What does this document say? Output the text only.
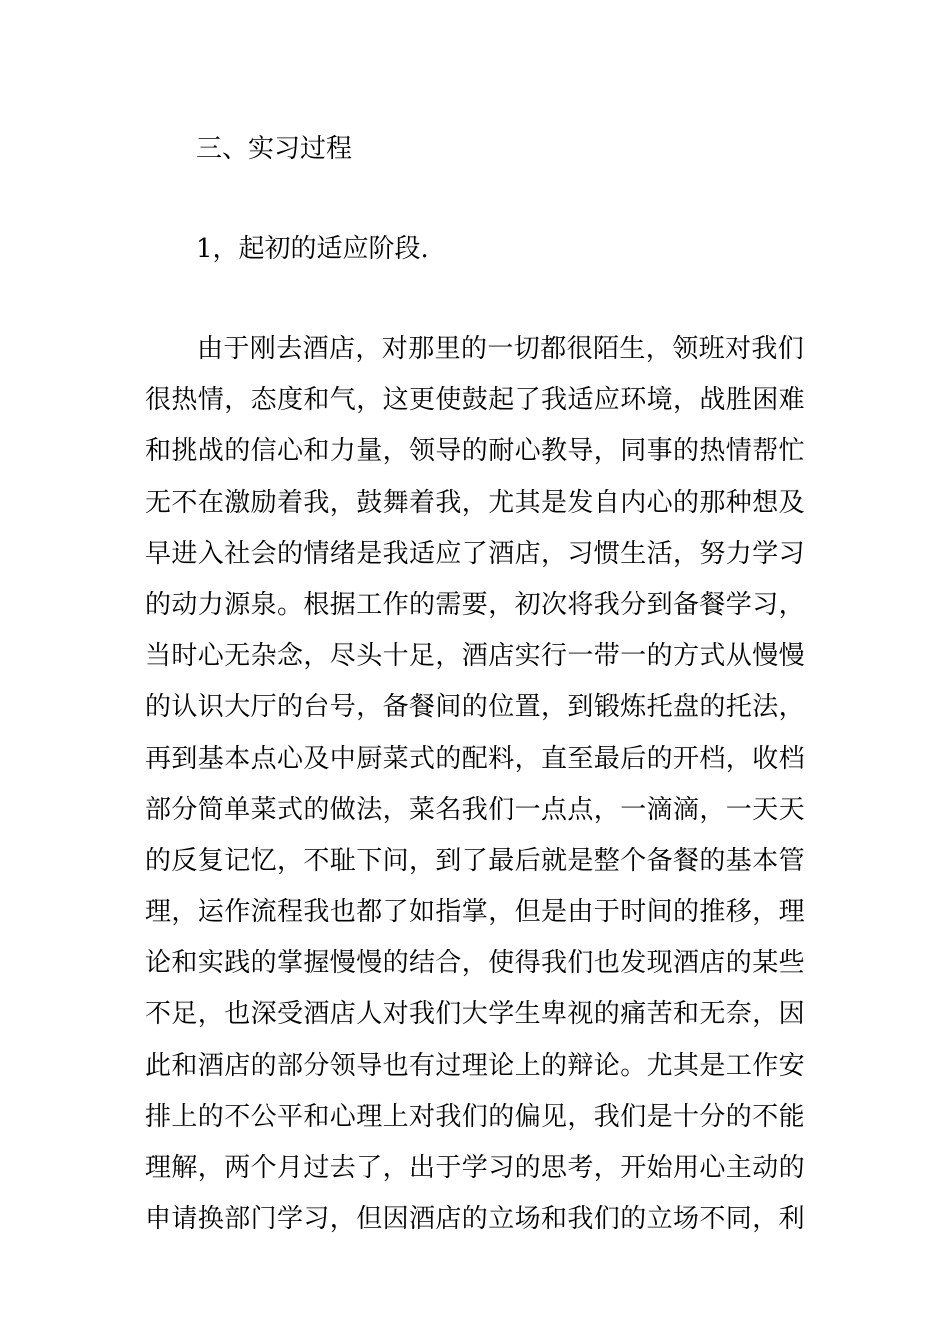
三、实习过程
1，起初的适应阶段.
由于刚去酒店，对那里的一切都很陌生，领班对我们
很热情，态度和气，这更使鼓起了我适应环境，战胜困难
和挑战的信心和力量，领导的耐心教导，同事的热情帮忙
无不在激励着我，鼓舞着我，尤其是发自内心的那种想及
早进入社会的情绪是我适应了酒店，习惯生活，努力学习
的动力源泉。根据工作的需要，初次将我分到备餐学习，
当时心无杂念，尽头十足，酒店实行一带一的方式从慢慢
的认识大厅的台号，备餐间的位置，到锻炼托盘的托法，
再到基本点心及中厨菜式的配料，直至最后的开档，收档
部分简单菜式的做法，菜名我们一点点，一滴滴，一天天
的反复记忆，不耻下问，到了最后就是整个备餐的基本管
理，运作流程我也都了如指掌，但是由于时间的推移，理
论和实践的掌握慢慢的结合，使得我们也发现酒店的某些
不足，也深受酒店人对我们大学生卑视的痛苦和无奈，因
此和酒店的部分领导也有过理论上的辩论。尤其是工作安
排上的不公平和心理上对我们的偏见，我们是十分的不能
理解，两个月过去了，出于学习的思考，开始用心主动的
申请换部门学习，但因酒店的立场和我们的立场不同，利
